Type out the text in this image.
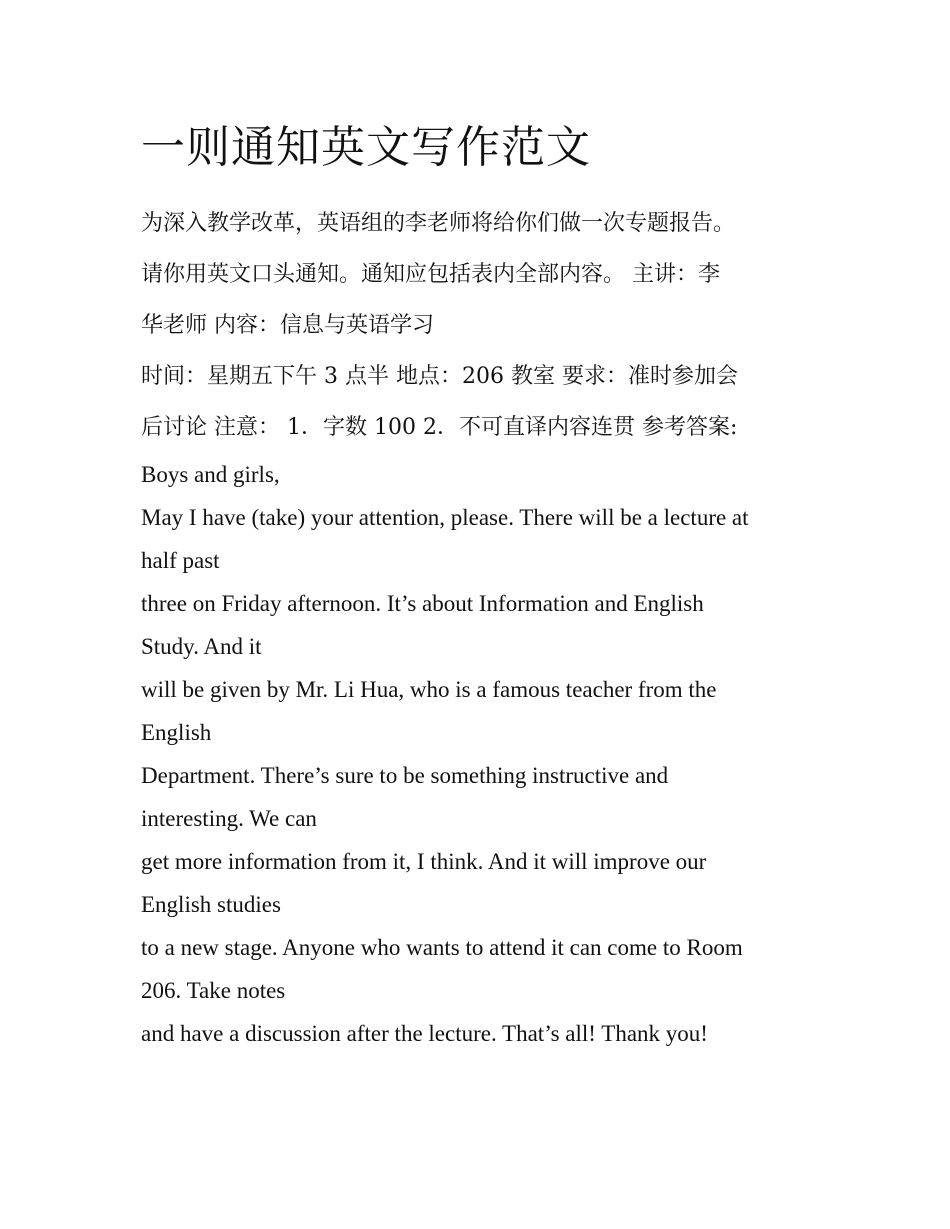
一则通知英文写作范文
为深入教学改革，英语组的李老师将给你们做一次专题报告。
请你用英文口头通知。通知应包括表内全部内容。 主讲：李
华老师 内容：信息与英语学习
时间：星期五下午 3 点半 地点：206 教室 要求：准时参加会
后讨论 注意： 1．字数 100 2．不可直译内容连贯 参考答案:
Boys and girls,
May I have (take) your attention, please. There will be a lecture at
half past
three on Friday afternoon. It’s about Information and English
Study. And it
will be given by Mr. Li Hua, who is a famous teacher from the
English
Department. There’s sure to be something instructive and
interesting. We can
get more information from it, I think. And it will improve our
English studies
to a new stage. Anyone who wants to attend it can come to Room
206. Take notes
and have a discussion after the lecture. That’s all! Thank you!
